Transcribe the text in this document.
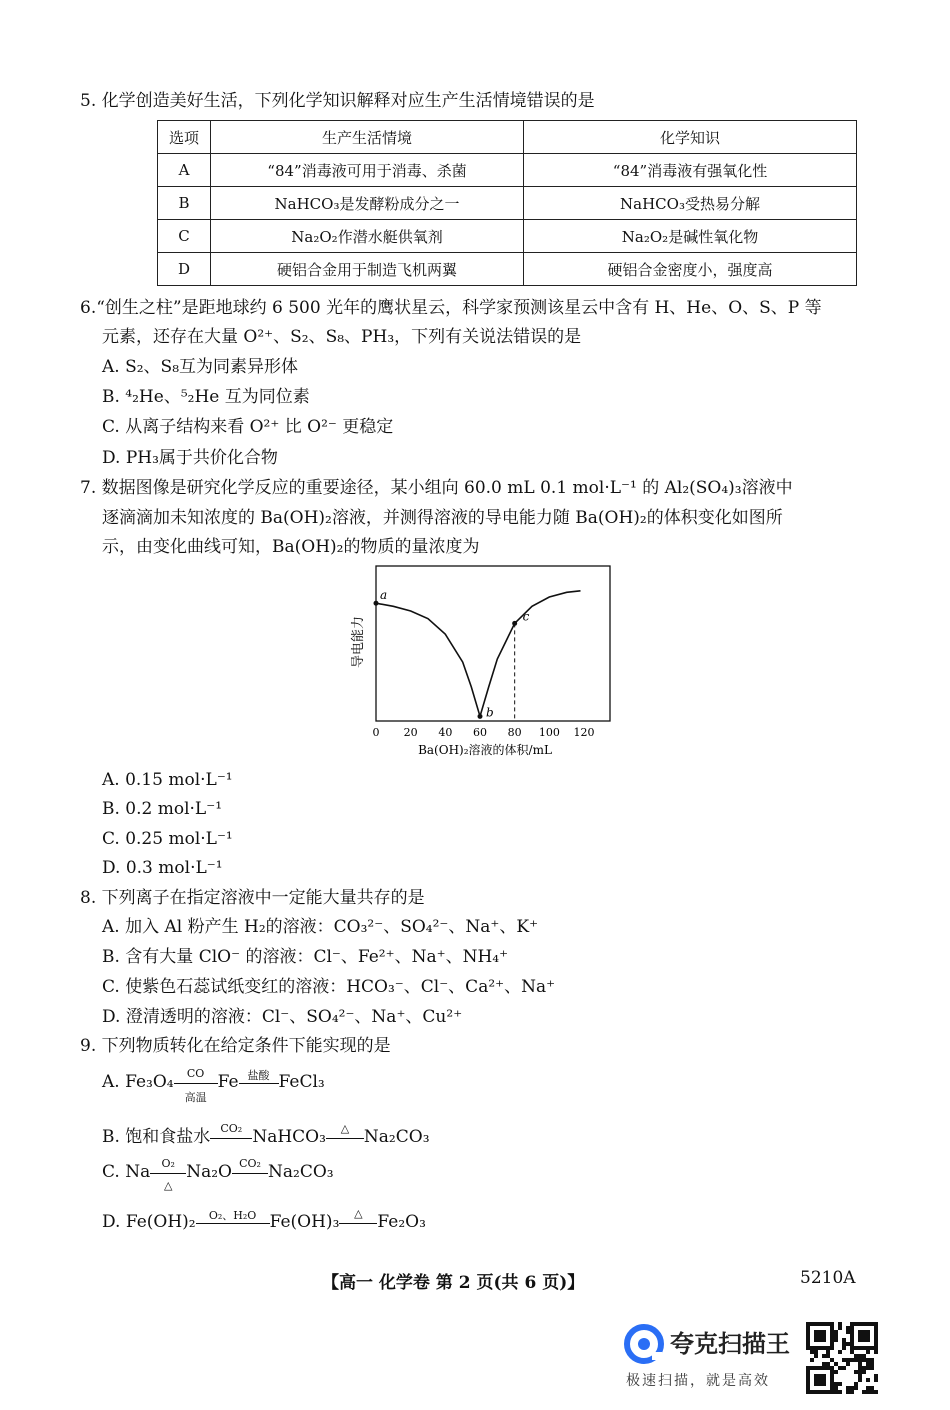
5. 化学创造美好生活，下列化学知识解释对应生产生活情境错误的是
选项	生产生活情境	化学知识
A	“84”消毒液可用于消毒、杀菌	“84”消毒液有强氧化性
B	NaHCO₃是发酵粉成分之一	NaHCO₃受热易分解
C	Na₂O₂作潜水艇供氧剂	Na₂O₂是碱性氧化物
D	硬铝合金用于制造飞机两翼	硬铝合金密度小，强度高
6.“创生之柱”是距地球约 6 500 光年的鹰状星云，科学家预测该星云中含有 H、He、O、S、P 等
元素，还存在大量 O²⁺、S₂、S₈、PH₃，下列有关说法错误的是
A. S₂、S₈互为同素异形体
B. ⁴₂He、⁵₂He 互为同位素
C. 从离子结构来看 O²⁺ 比 O²⁻ 更稳定
D. PH₃属于共价化合物
7. 数据图像是研究化学反应的重要途径，某小组向 60.0 mL 0.1 mol·L⁻¹ 的 Al₂(SO₄)₃溶液中
逐滴滴加未知浓度的 Ba(OH)₂溶液，并测得溶液的导电能力随 Ba(OH)₂的体积变化如图所
示，由变化曲线可知，Ba(OH)₂的物质的量浓度为
0 20 40 60 80 100 120
a
b
c
导电能力
Ba(OH)₂溶液的体积/mL
A. 0.15 mol·L⁻¹
B. 0.2 mol·L⁻¹
C. 0.25 mol·L⁻¹
D. 0.3 mol·L⁻¹
8. 下列离子在指定溶液中一定能大量共存的是
A. 加入 Al 粉产生 H₂的溶液：CO₃²⁻、SO₄²⁻、Na⁺、K⁺
B. 含有大量 ClO⁻ 的溶液：Cl⁻、Fe²⁺、Na⁺、NH₄⁺
C. 使紫色石蕊试纸变红的溶液：HCO₃⁻、Cl⁻、Ca²⁺、Na⁺
D. 澄清透明的溶液：Cl⁻、SO₄²⁻、Na⁺、Cu²⁺
9. 下列物质转化在给定条件下能实现的是
A. Fe₃O₄	CO
高温
Fe 盐酸 FeCl₃
B. 饱和食盐水 CO₂ NaHCO₃	△ Na₂CO₃
C. Na	O₂
△
Na₂O CO₂ Na₂CO₃
D. Fe(OH)₂	O₂、H₂O Fe(OH)₃	△ Fe₂O₃
【高一 化学卷 第 2 页(共 6 页)】	5210A
夸克扫描王
极速扫描，就是高效
